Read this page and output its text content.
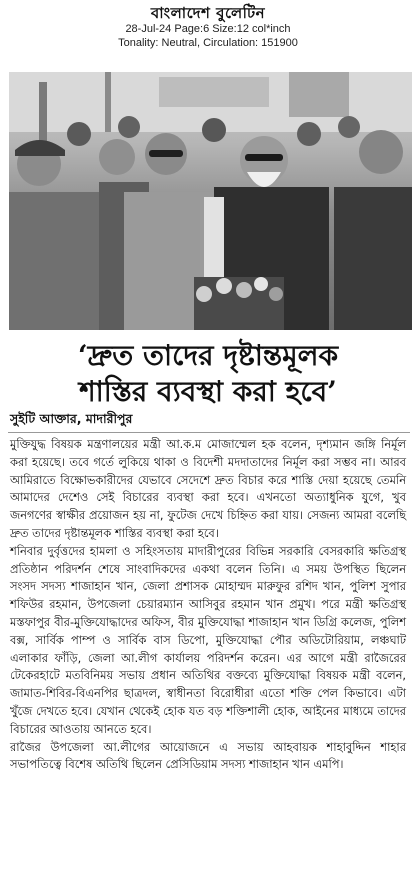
বাংলাদেশ বুলেটিন
28-Jul-24 Page:6 Size:12 col*inch
Tonality: Neutral, Circulation: 151900
‘দ্রুত তাদের দৃষ্টান্তমূলক
শাস্তির ব্যবস্থা করা হবে’
সুইটি আক্তার, মাদারীপুর

মুক্তিযুদ্ধ বিষয়ক মন্ত্রণালয়ের মন্ত্রী আ.ক.ম মোজাম্মেল হক বলেন, দৃশ্যমান জঙ্গি নির্মূল করা হয়েছে। তবে গর্তে লুকিয়ে থাকা ও বিদেশী মদদাতাদের নির্মূল করা সম্ভব না। আরব আমিরাতে বিক্ষোভকারীদের যেভাবে সেদেশে দ্রুত বিচার করে শাস্তি দেয়া হয়েছে তেমনি আমাদের দেশেও সেই বিচারের ব্যবস্থা করা হবে। এখনতো অত্যাধুনিক যুগে, খুব জনগণের স্বাক্ষীর প্রয়োজন হয় না, ফুটেজ দেখে চিহ্নিত করা যায়। সেজন্য আমরা বলেছি দ্রুত তাদের দৃষ্টান্তমূলক শাস্তির ব্যবস্থা করা হবে।

শনিবার দুর্বৃত্তদের হামলা ও সহিংসতায় মাদারীপুরের বিভিন্ন সরকারি বেসরকারি ক্ষতিগ্রস্থ প্রতিষ্ঠান পরিদর্শন শেষে সাংবাদিকদের একথা বলেন তিনি। এ সময় উপস্থিত ছিলেন সংসদ সদস্য শাজাহান খান, জেলা প্রশাসক মোহাম্মদ মারুফুর রশিদ খান, পুলিশ সুপার শফিউর রহমান, উপজেলা চেয়ারম্যান আসিবুর রহমান খান প্রমুখ। পরে মন্ত্রী ক্ষতিগ্রস্থ মস্তফাপুর বীর-মুক্তিযোদ্ধাদের অফিস, বীর মুক্তিযোদ্ধা শাজাহান খান ডিগ্রি কলেজ, পুলিশ বক্স, সার্বিক পাম্প ও সার্বিক বাস ডিপো, মুক্তিযোদ্ধা পৌর অডিটোরিয়াম, লঞ্চঘাট এলাকার ফাঁড়ি, জেলা আ.লীগ কার্যালয় পরিদর্শন করেন। এর আগে মন্ত্রী রাজৈরের টেকেরহাটে মতবিনিময় সভায় প্রধান অতিথির বক্তব্যে মুক্তিযোদ্ধা বিষয়ক মন্ত্রী বলেন, জামাত-শিবির-বিএনপির ছাত্রদল, স্বাধীনতা বিরোধীরা এতো শক্তি পেল কিভাবে। এটা খুঁজে দেখতে হবে। যেখান থেকেই হোক যত বড় শক্তিশালী হোক, আইনের মাধ্যমে তাদের বিচারের আওতায় আনতে হবে।

রাজৈর উপজেলা আ.লীগের আয়োজনে এ সভায় আহবায়ক শাহাবুদ্দিন শাহার সভাপতিত্বে বিশেষ অতিথি ছিলেন প্রেসিডিয়াম সদস্য শাজাহান খান এমপি।
